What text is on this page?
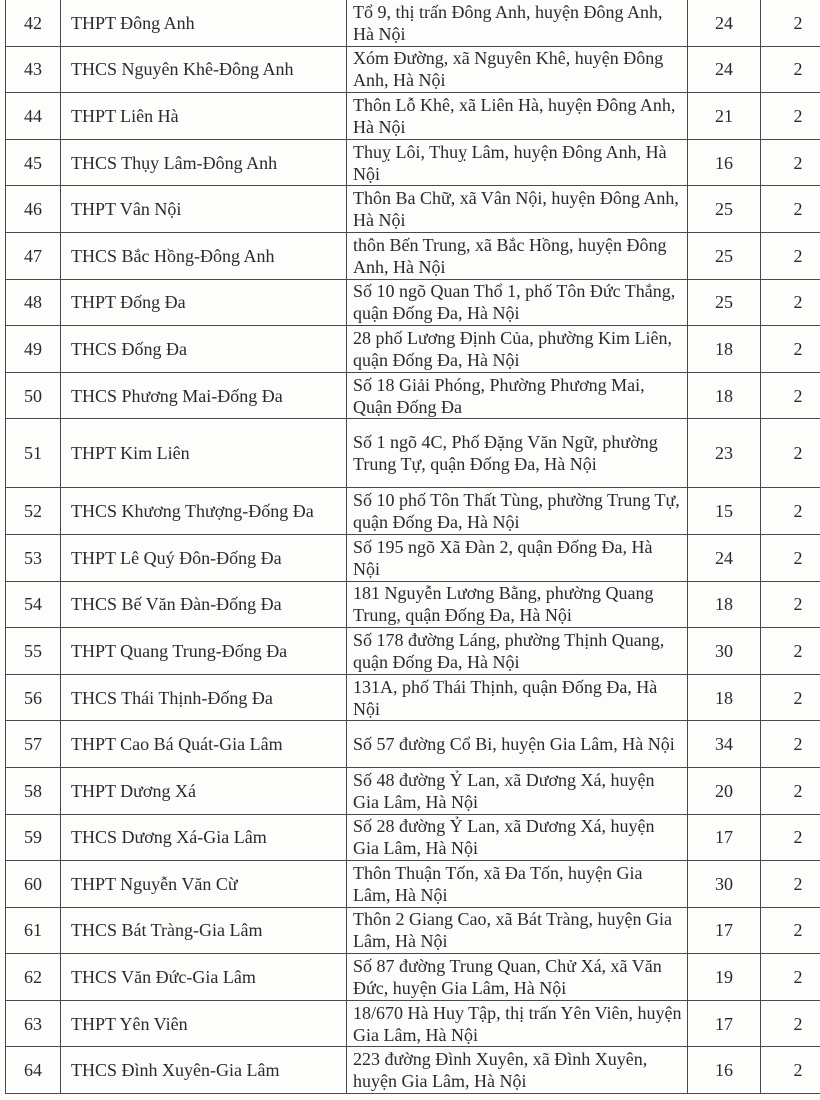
42	THPT Đông Anh	Tổ 9, thị trấn Đông Anh, huyện Đông Anh, Hà Nội	24	2
43	THCS Nguyên Khê-Đông Anh	Xóm Đường, xã Nguyên Khê, huyện Đông Anh, Hà Nội	24	2
44	THPT Liên Hà	Thôn Lỗ Khê, xã Liên Hà, huyện Đông Anh, Hà Nội	21	2
45	THCS Thụy Lâm-Đông Anh	Thuỵ Lôi, Thuỵ Lâm, huyện Đông Anh, Hà Nội	16	2
46	THPT Vân Nội	Thôn Ba Chữ, xã Vân Nội, huyện Đông Anh, Hà Nội	25	2
47	THCS Bắc Hồng-Đông Anh	thôn Bến Trung, xã Bắc Hồng, huyện Đông Anh, Hà Nội	25	2
48	THPT Đống Đa	Số 10 ngõ Quan Thổ 1, phố Tôn Đức Thắng, quận Đống Đa, Hà Nội	25	2
49	THCS Đống Đa	28 phố Lương Định Của, phường Kim Liên, quận Đống Đa, Hà Nội	18	2
50	THCS Phương Mai-Đống Đa	Số 18 Giải Phóng, Phường Phương Mai, Quận Đống Đa	18	2
51	THPT Kim Liên	Số 1 ngõ 4C, Phố Đặng Văn Ngữ, phường Trung Tự, quận Đống Đa, Hà Nội	23	2
52	THCS Khương Thượng-Đống Đa	Số 10 phố Tôn Thất Tùng, phường Trung Tự, quận Đống Đa, Hà Nội	15	2
53	THPT Lê Quý Đôn-Đống Đa	Số 195 ngõ Xã Đàn 2, quận Đống Đa, Hà Nội	24	2
54	THCS Bế Văn Đàn-Đống Đa	181 Nguyễn Lương Bằng, phường Quang Trung, quận Đống Đa, Hà Nội	18	2
55	THPT Quang Trung-Đống Đa	Số 178 đường Láng, phường Thịnh Quang, quận Đống Đa, Hà Nội	30	2
56	THCS Thái Thịnh-Đống Đa	131A, phố Thái Thịnh, quận Đống Đa, Hà Nội	18	2
57	THPT Cao Bá Quát-Gia Lâm	Số 57 đường Cổ Bi, huyện Gia Lâm, Hà Nội	34	2
58	THPT Dương Xá	Số 48 đường Ỷ Lan, xã Dương Xá, huyện Gia Lâm, Hà Nội	20	2
59	THCS Dương Xá-Gia Lâm	Số 28 đường Ỷ Lan, xã Dương Xá, huyện Gia Lâm, Hà Nội	17	2
60	THPT Nguyễn Văn Cừ	Thôn Thuận Tốn, xã Đa Tốn, huyện Gia Lâm, Hà Nội	30	2
61	THCS Bát Tràng-Gia Lâm	Thôn 2 Giang Cao, xã Bát Tràng, huyện Gia Lâm, Hà Nội	17	2
62	THCS Văn Đức-Gia Lâm	Số 87 đường Trung Quan, Chử Xá, xã Văn Đức, huyện Gia Lâm, Hà Nội	19	2
63	THPT Yên Viên	18/670 Hà Huy Tập, thị trấn Yên Viên, huyện Gia Lâm, Hà Nội	17	2
64	THCS Đình Xuyên-Gia Lâm	223 đường Đình Xuyên, xã Đình Xuyên, huyện Gia Lâm, Hà Nội	16	2
